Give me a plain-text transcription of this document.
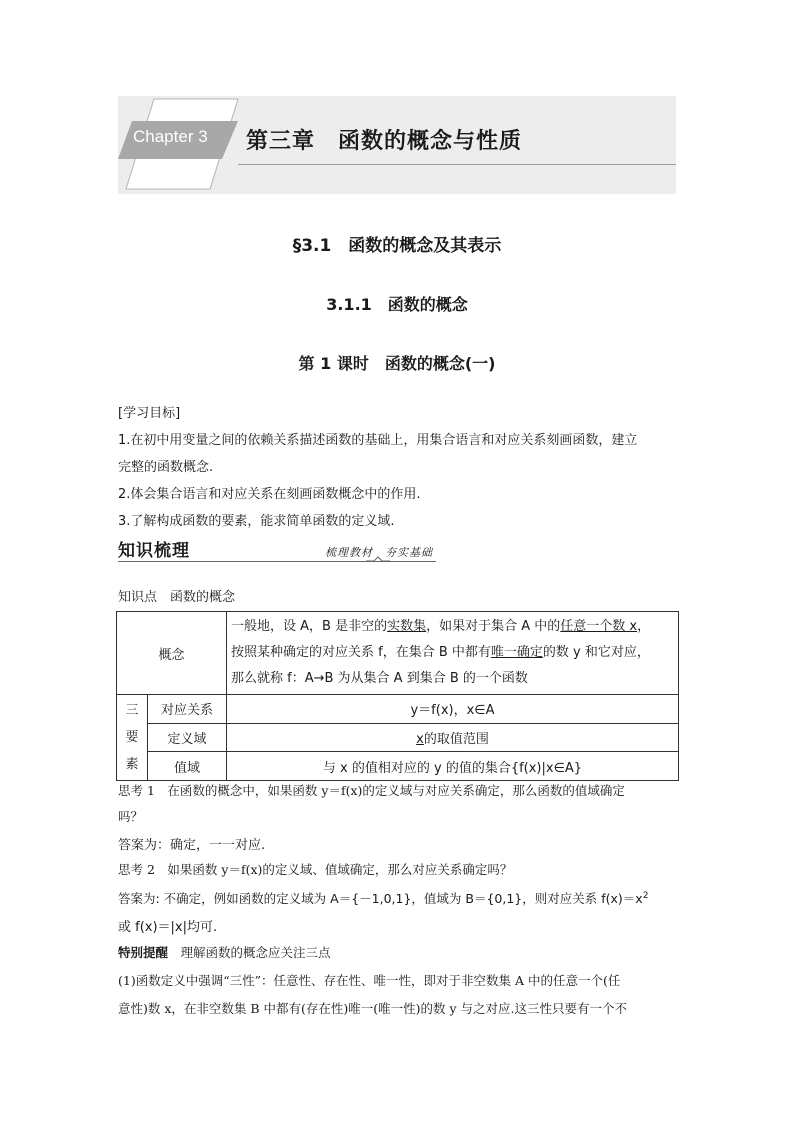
Chapter 3 第三章　函数的概念与性质
§3.1　函数的概念及其表示
3.1.1　函数的概念
第 1 课时　函数的概念(一)
[学习目标]
1.在初中用变量之间的依赖关系描述函数的基础上，用集合语言和对应关系刻画函数，建立
完整的函数概念.
2.体会集合语言和对应关系在刻画函数概念中的作用.
3.了解构成函数的要素，能求简单函数的定义域.
知识梳理	梳理教材　夯实基础
知识点　函数的概念
概念		一般地，设 A，B 是非空的实数集，如果对于集合 A 中的任意一个数 x，
按照某种确定的对应关系 f，在集合 B 中都有唯一确定的数 y 和它对应，
那么就称 f：A→B 为从集合 A 到集合 B 的一个函数

三
要
素	对应关系	y＝f(x)，x∈A
	定义域	x的取值范围
	值域	与 x 的值相对应的 y 的值的集合{f(x)|x∈A}
思考 1　在函数的概念中，如果函数 y＝f(x)的定义域与对应关系确定，那么函数的值域确定
吗？
答案为：确定，一一对应.
思考 2　如果函数 y＝f(x)的定义域、值域确定，那么对应关系确定吗？
答案为: 不确定，例如函数的定义域为 A＝{－1,0,1}，值域为 B＝{0,1}，则对应关系 $f(x)=x^2$
或 f(x)＝|x|均可.
特别提醒　理解函数的概念应关注三点
(1)函数定义中强调“三性”：任意性、存在性、唯一性，即对于非空数集 A 中的任意一个(任
意性)数 x，在非空数集 B 中都有(存在性)唯一(唯一性)的数 y 与之对应.这三性只要有一个不
